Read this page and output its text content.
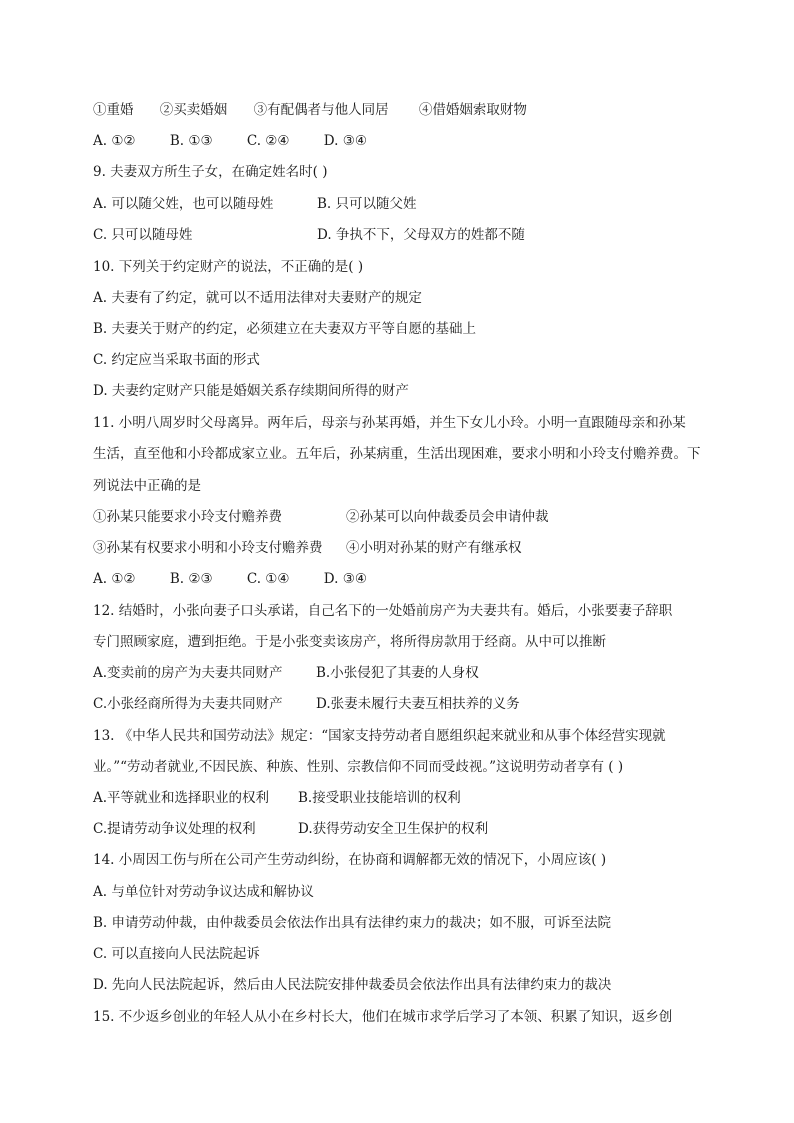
①重婚 ②买卖婚姻 ③有配偶者与他人同居 ④借婚姻索取财物
A. ①②	B. ①③	C. ②④	D. ③④
9. 夫妻双方所生子女，在确定姓名时( )
A. 可以随父姓，也可以随母姓	B. 只可以随父姓
C. 只可以随母姓	D. 争执不下，父母双方的姓都不随
10. 下列关于约定财产的说法，不正确的是( )
A. 夫妻有了约定，就可以不适用法律对夫妻财产的规定
B. 夫妻关于财产的约定，必须建立在夫妻双方平等自愿的基础上
C. 约定应当采取书面的形式
D. 夫妻约定财产只能是婚姻关系存续期间所得的财产
11. 小明八周岁时父母离异。两年后，母亲与孙某再婚，并生下女儿小玲。小明一直跟随母亲和孙某
生活，直至他和小玲都成家立业。五年后，孙某病重，生活出现困难，要求小明和小玲支付赡养费。下
列说法中正确的是
①孙某只能要求小玲支付赡养费	②孙某可以向仲裁委员会申请仲裁
③孙某有权要求小明和小玲支付赡养费 ④小明对孙某的财产有继承权
A. ①②	B. ②③	C. ①④	D. ③④
12. 结婚时，小张向妻子口头承诺，自己名下的一处婚前房产为夫妻共有。婚后，小张要妻子辞职
专门照顾家庭，遭到拒绝。于是小张变卖该房产，将所得房款用于经商。从中可以推断
A.变卖前的房产为夫妻共同财产 B.小张侵犯了其妻的人身权
C.小张经商所得为夫妻共同财产 D.张妻未履行夫妻互相扶养的义务
13. 《中华人民共和国劳动法》规定：“国家支持劳动者自愿组织起来就业和从事个体经营实现就
业。”“劳动者就业,不因民族、种族、性别、宗教信仰不同而受歧视。”这说明劳动者享有 ( )
A.平等就业和选择职业的权利 B.接受职业技能培训的权利
C.提请劳动争议处理的权利	D.获得劳动安全卫生保护的权利
14. 小周因工伤与所在公司产生劳动纠纷，在协商和调解都无效的情况下，小周应该( )
A. 与单位针对劳动争议达成和解协议
B. 申请劳动仲裁，由仲裁委员会依法作出具有法律约束力的裁决；如不服，可诉至法院
C. 可以直接向人民法院起诉
D. 先向人民法院起诉，然后由人民法院安排仲裁委员会依法作出具有法律约束力的裁决
15. 不少返乡创业的年轻人从小在乡村长大，他们在城市求学后学习了本领、积累了知识，返乡创
